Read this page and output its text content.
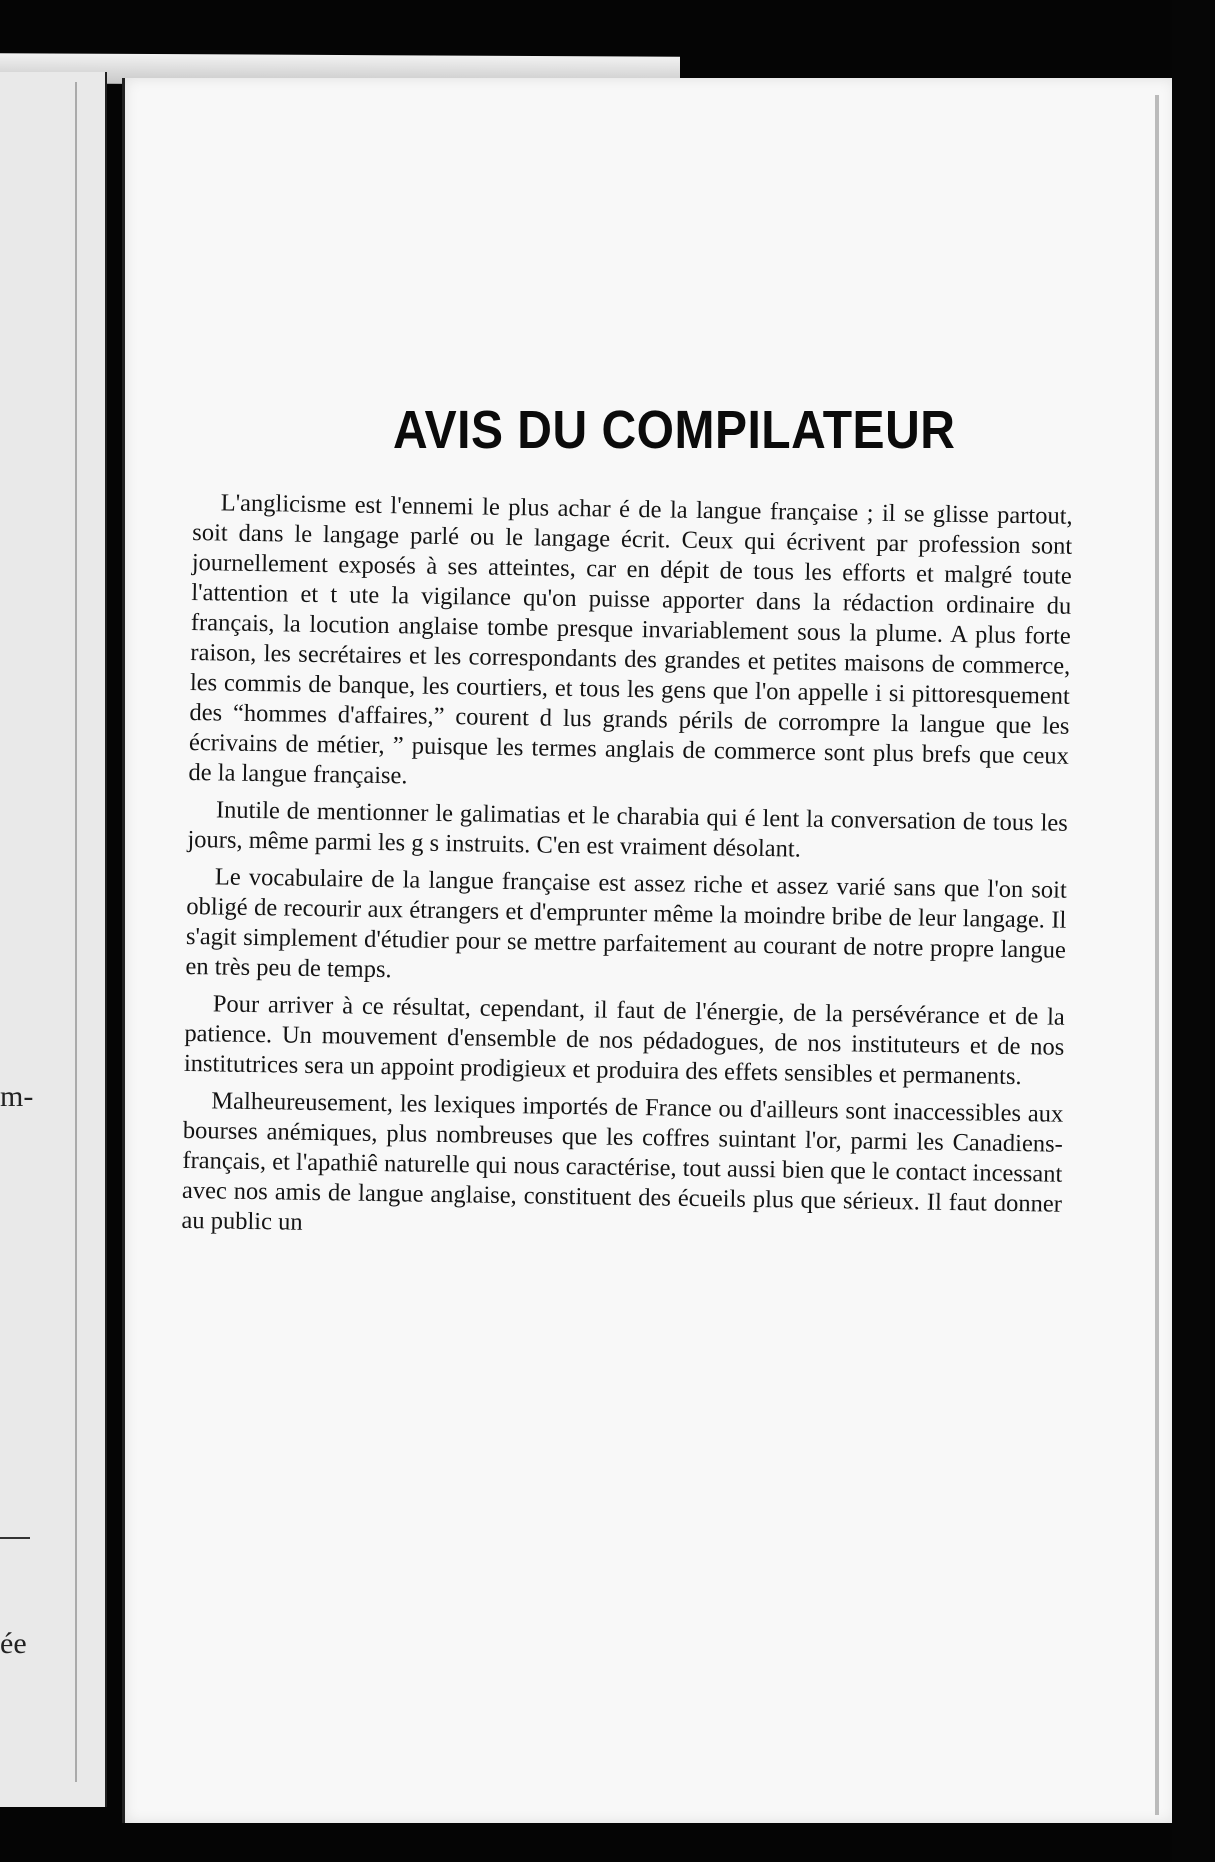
m-
ée
AVIS DU COMPILATEUR

L'anglicisme est l'ennemi le plus achar é de la langue française ; il se glisse partout, soit dans le langage parlé ou le langage écrit. Ceux qui écrivent par profession sont journellement exposés à ses atteintes, car en dépit de tous les efforts et malgré toute l'attention et t ute la vigilance qu'on puisse apporter dans la rédaction ordinaire du français, la locution anglaise tombe presque invariablement sous la plume. A plus forte raison, les secrétaires et les correspondants des grandes et petites maisons de commerce, les commis de banque, les courtiers, et tous les gens que l'on appelle i si pittoresquement des “hommes d'affaires,” courent d lus grands périls de corrompre la langue que les écrivains de métier, ” puisque les termes anglais de commerce sont plus brefs que ceux de la langue française.

Inutile de mentionner le galimatias et le charabia qui é lent la conversation de tous les jours, même parmi les g s instruits. C'en est vraiment désolant.

Le vocabulaire de la langue française est assez riche et assez varié sans que l'on soit obligé de recourir aux étrangers et d'emprunter même la moindre bribe de leur langage. Il s'agit simplement d'étudier pour se mettre parfaitement au courant de notre propre langue en très peu de temps.

Pour arriver à ce résultat, cependant, il faut de l'énergie, de la persévérance et de la patience. Un mouvement d'ensemble de nos pédadogues, de nos instituteurs et de nos institutrices sera un appoint prodigieux et produira des effets sensibles et permanents.

Malheureusement, les lexiques importés de France ou d'ailleurs sont inaccessibles aux bourses anémiques, plus nombreuses que les coffres suintant l'or, parmi les Canadiens-français, et l'apathiê naturelle qui nous caractérise, tout aussi bien que le contact incessant avec nos amis de langue anglaise, constituent des écueils plus que sérieux. Il faut donner au public un
